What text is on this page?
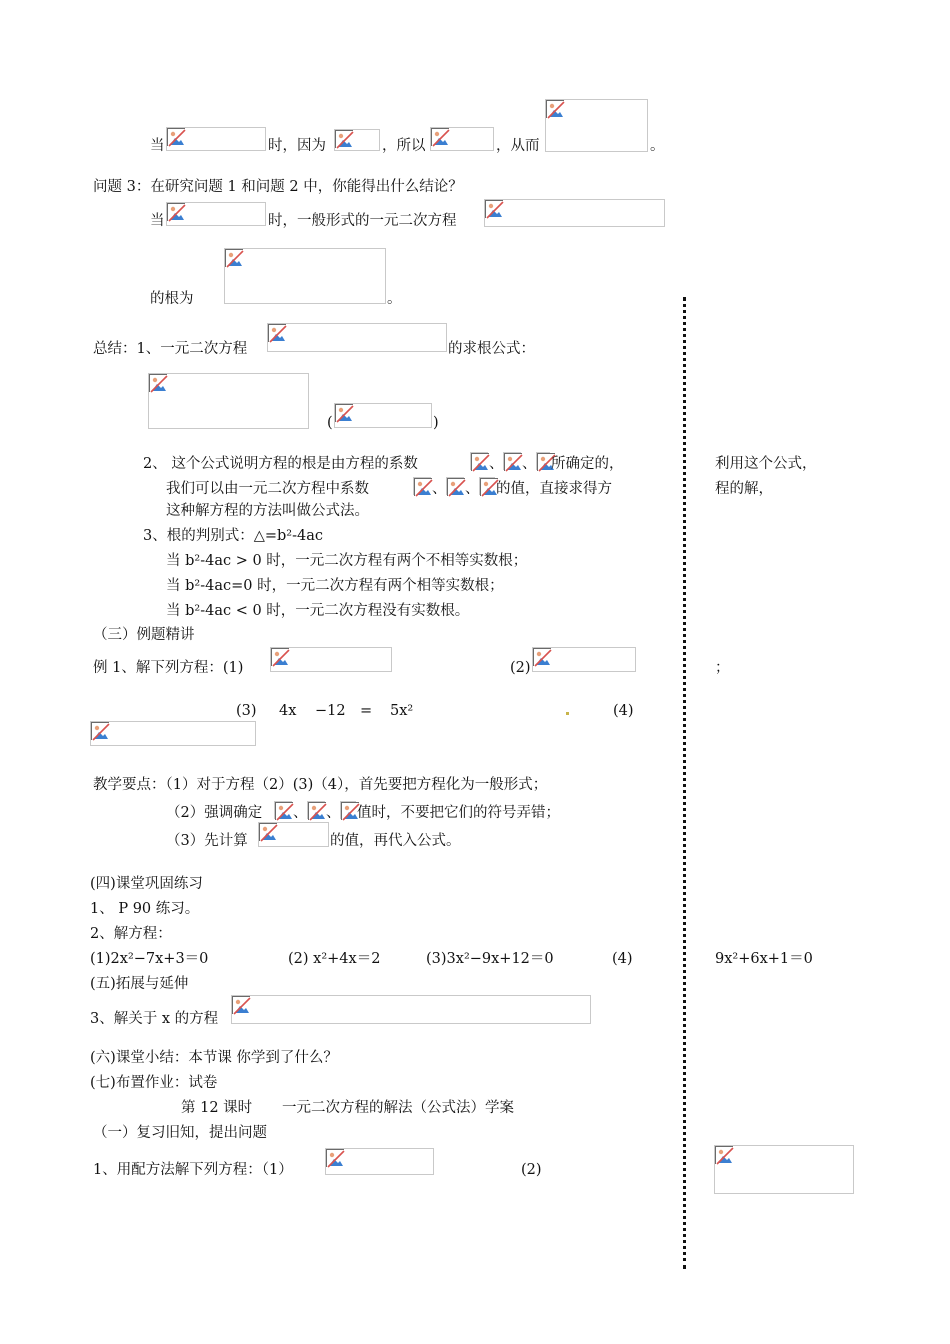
当	时，因为	，所以	，从而	。
问题 3：在研究问题 1 和问题 2 中，你能得出什么结论？
当	时，一般形式的一元二次方程
的根为	。
总结：1、一元二次方程	的求根公式：
(	)
2、 这个公式说明方程的根是由方程的系数	、 、 所确定的，	利用这个公式，
我们可以由一元二次方程中系数	、 、 的值，直接求得方	程的解，
这种解方程的方法叫做公式法。
3、根的判别式：△=b²-4ac
当 b²-4ac > 0 时，一元二次方程有两个不相等实数根；
当 b²-4ac=0 时，一元二次方程有两个相等实数根；
当 b²-4ac < 0 时，一元二次方程没有实数根。
（三）例题精讲
例 1、解下列方程：(1)	(2)	；
(3) 4x −12 = 5x²	(4)
教学要点：（1）对于方程（2）(3)（4），首先要把方程化为一般形式；
（2）强调确定 、 、 值时，不要把它们的符号弄错；
（3）先计算	的值，再代入公式。
(四)课堂巩固练习
1、 P 90 练习。
2、解方程：
(1)2x²−7x+3＝0	(2) x²+4x＝2	(3)3x²−9x+12＝0	(4)	9x²+6x+1＝0
(五)拓展与延伸
3、解关于 x 的方程
(六)课堂小结：本节课 你学到了什么？
(七)布置作业：试卷
第 12 课时 一元二次方程的解法（公式法）学案
（一）复习旧知，提出问题
1、用配方法解下列方程：（1）	(2)
